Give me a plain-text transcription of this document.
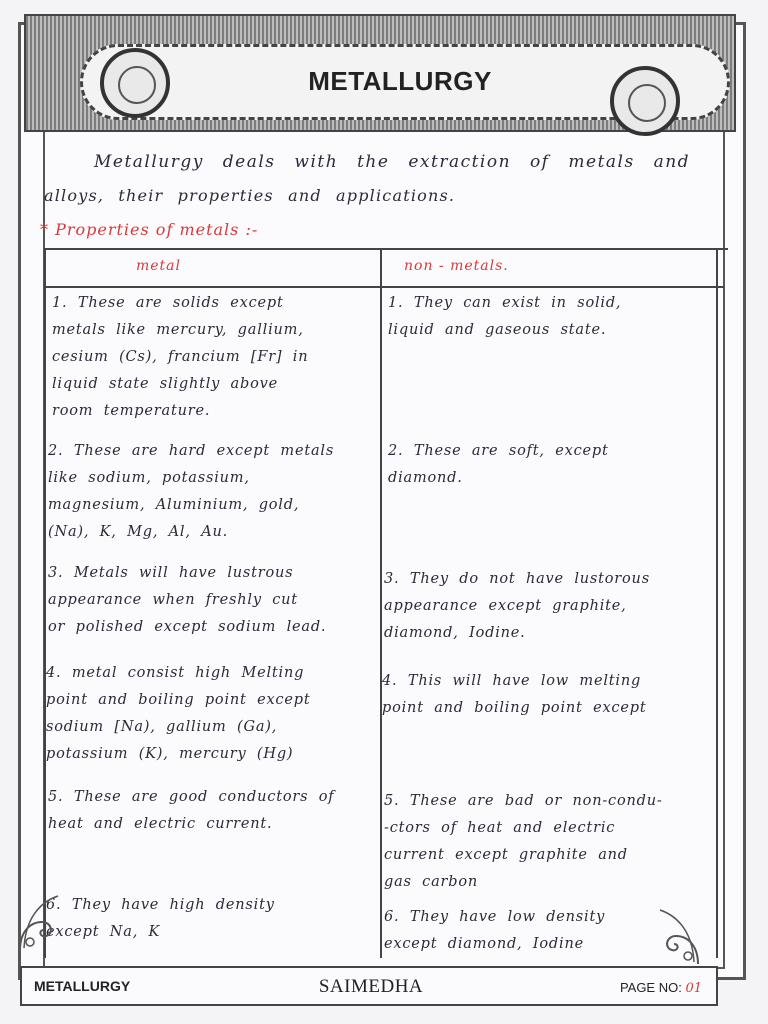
METALLURGY
Metallurgy deals with the extraction of metals and
alloys, their properties and applications.
* Properties of metals :-
metal	non - metals.
1. These are solids except
metals like mercury, gallium,
cesium (Cs), francium [Fr] in
liquid state slightly above
room temperature.
1. They can exist in solid,
liquid and gaseous state.
2. These are hard except metals
like sodium, potassium,
magnesium, Aluminium, gold,
(Na), K, Mg, Al, Au.
2. These are soft, except
diamond.
3. Metals will have lustrous
appearance when freshly cut
or polished except sodium lead.
3. They do not have lustorous
appearance except graphite,
diamond, Iodine.
4. metal consist high Melting
point and boiling point except
sodium [Na), gallium (Ga),
potassium (K), mercury (Hg)
4. This will have low melting
point and boiling point except
5. These are good conductors of
heat and electric current.
5. These are bad or non-condu-
-ctors of heat and electric
current except graphite and
gas carbon
6. They have high density
except Na, K
6. They have low density
except diamond, Iodine
METALLURGY	SAIMEDHA	PAGE NO: 01
